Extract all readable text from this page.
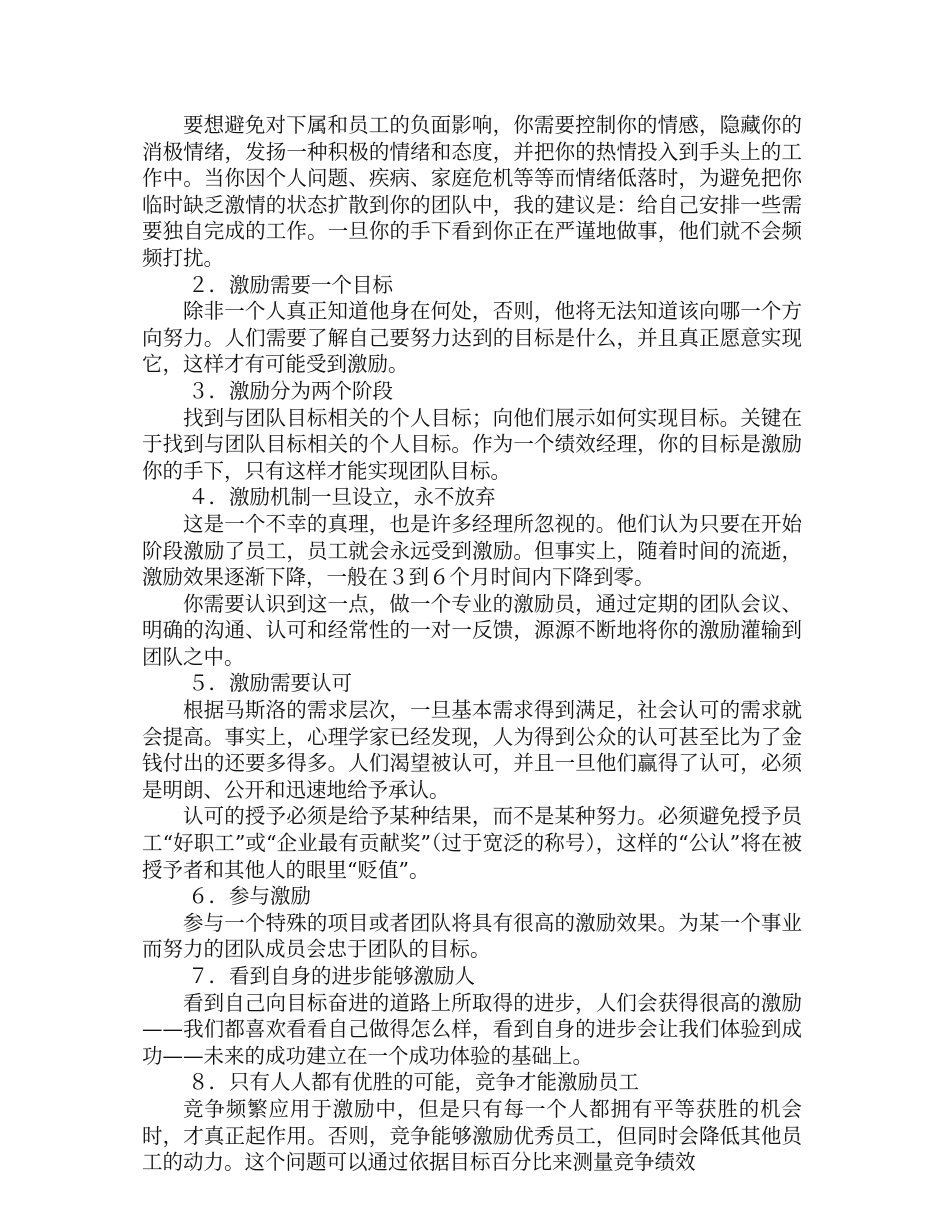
要想避免对下属和员工的负面影响，你需要控制你的情感，隐藏你的消极情绪，发扬一种积极的情绪和态度，并把你的热情投入到手头上的工作中。当你因个人问题、疾病、家庭危机等等而情绪低落时，为避免把你临时缺乏激情的状态扩散到你的团队中，我的建议是：给自己安排一些需要独自完成的工作。一旦你的手下看到你正在严谨地做事，他们就不会频频打扰。

２．激励需要一个目标

除非一个人真正知道他身在何处，否则，他将无法知道该向哪一个方向努力。人们需要了解自己要努力达到的目标是什么，并且真正愿意实现它，这样才有可能受到激励。

３．激励分为两个阶段

找到与团队目标相关的个人目标；向他们展示如何实现目标。关键在于找到与团队目标相关的个人目标。作为一个绩效经理，你的目标是激励你的手下，只有这样才能实现团队目标。

４．激励机制一旦设立，永不放弃

这是一个不幸的真理，也是许多经理所忽视的。他们认为只要在开始阶段激励了员工，员工就会永远受到激励。但事实上，随着时间的流逝，激励效果逐渐下降，一般在３到６个月时间内下降到零。

你需要认识到这一点，做一个专业的激励员，通过定期的团队会议、明确的沟通、认可和经常性的一对一反馈，源源不断地将你的激励灌输到团队之中。

５．激励需要认可

根据马斯洛的需求层次，一旦基本需求得到满足，社会认可的需求就会提高。事实上，心理学家已经发现，人为得到公众的认可甚至比为了金钱付出的还要多得多。人们渴望被认可，并且一旦他们赢得了认可，必须是明朗、公开和迅速地给予承认。

认可的授予必须是给予某种结果，而不是某种努力。必须避免授予员工“好职工”或“企业最有贡献奖”（过于宽泛的称号），这样的“公认”将在被授予者和其他人的眼里“贬值”。

６．参与激励

参与一个特殊的项目或者团队将具有很高的激励效果。为某一个事业而努力的团队成员会忠于团队的目标。

７．看到自身的进步能够激励人

看到自己向目标奋进的道路上所取得的进步，人们会获得很高的激励——我们都喜欢看看自己做得怎么样，看到自身的进步会让我们体验到成功——未来的成功建立在一个成功体验的基础上。

８．只有人人都有优胜的可能，竞争才能激励员工

竞争频繁应用于激励中，但是只有每一个人都拥有平等获胜的机会时，才真正起作用。否则，竞争能够激励优秀员工，但同时会降低其他员工的动力。这个问题可以通过依据目标百分比来测量竞争绩效
